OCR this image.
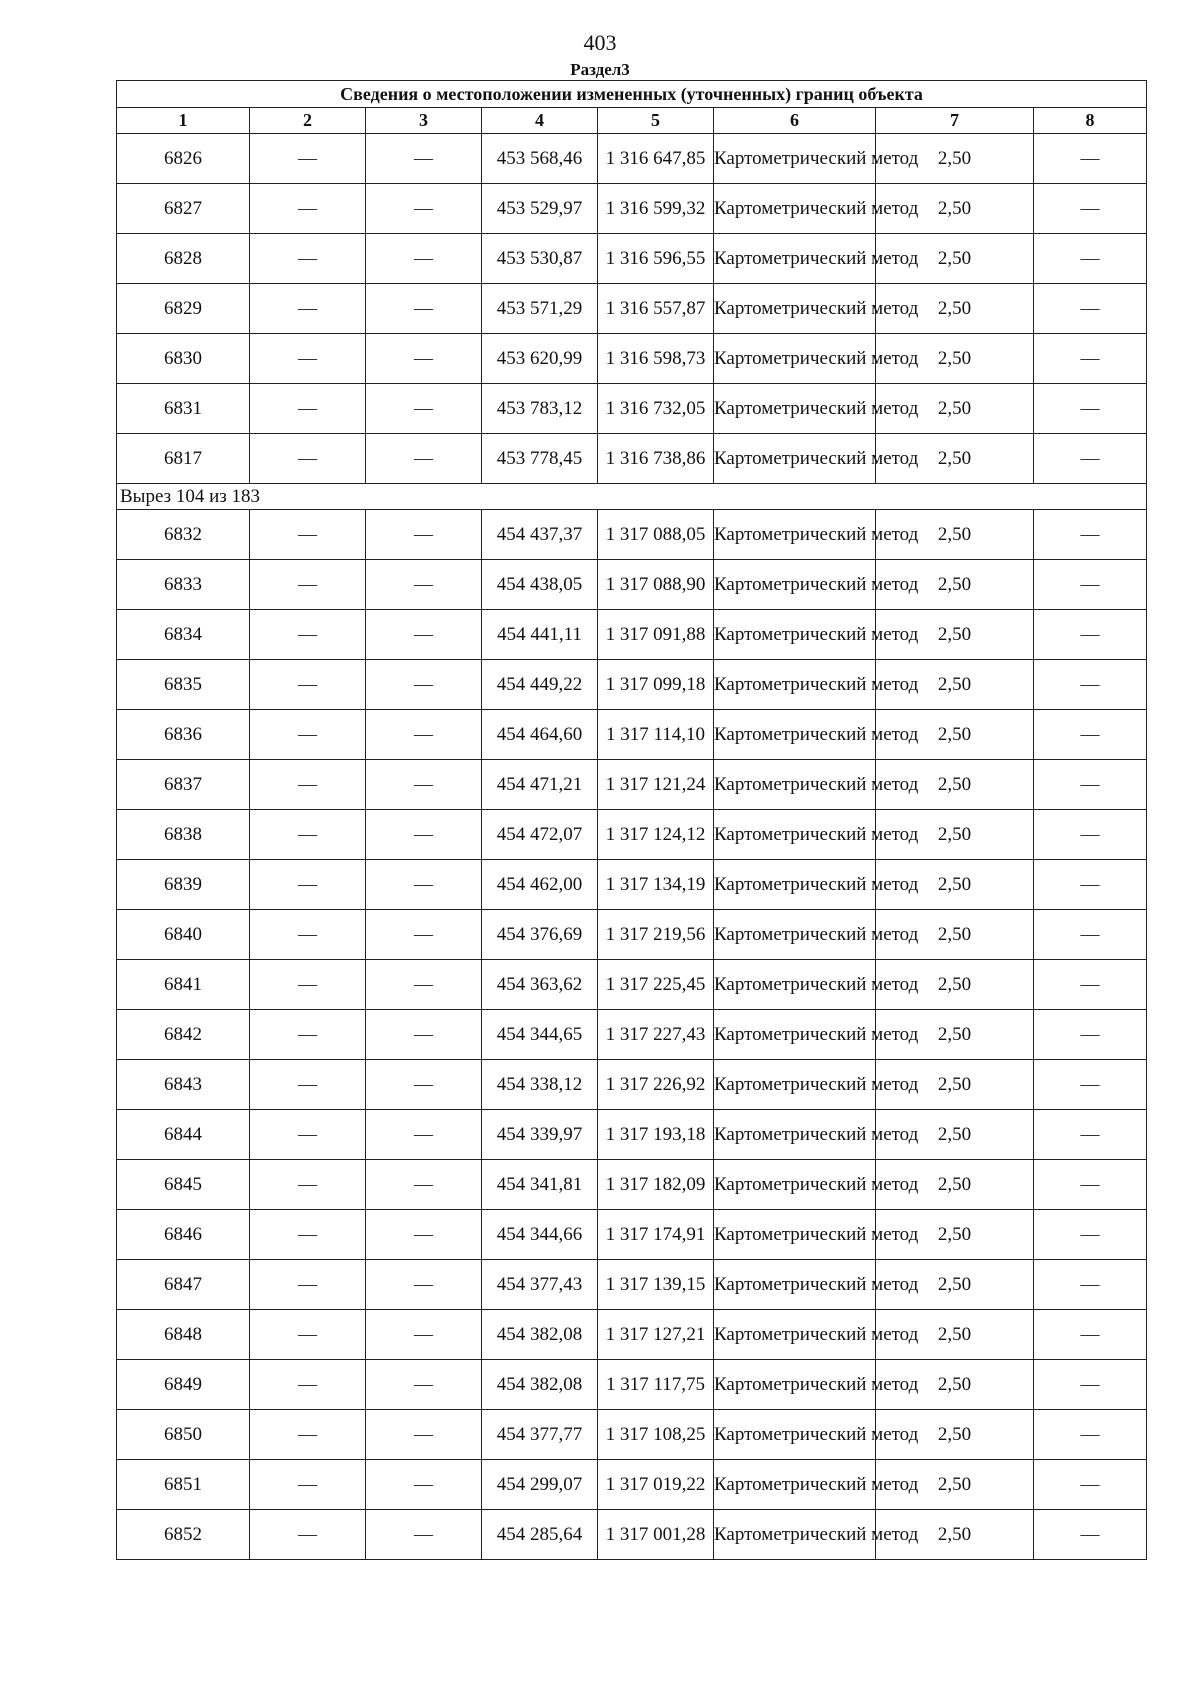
403
Раздел3
Сведения о местоположении измененных (уточненных) границ объекта							
1	2	3	4	5	6	7	8
6826	—	—	453 568,46	1 316 647,85	Картометрический метод	2,50	—
6827	—	—	453 529,97	1 316 599,32	Картометрический метод	2,50	—
6828	—	—	453 530,87	1 316 596,55	Картометрический метод	2,50	—
6829	—	—	453 571,29	1 316 557,87	Картометрический метод	2,50	—
6830	—	—	453 620,99	1 316 598,73	Картометрический метод	2,50	—
6831	—	—	453 783,12	1 316 732,05	Картометрический метод	2,50	—
6817	—	—	453 778,45	1 316 738,86	Картометрический метод	2,50	—
Вырез 104 из 183							
6832	—	—	454 437,37	1 317 088,05	Картометрический метод	2,50	—
6833	—	—	454 438,05	1 317 088,90	Картометрический метод	2,50	—
6834	—	—	454 441,11	1 317 091,88	Картометрический метод	2,50	—
6835	—	—	454 449,22	1 317 099,18	Картометрический метод	2,50	—
6836	—	—	454 464,60	1 317 114,10	Картометрический метод	2,50	—
6837	—	—	454 471,21	1 317 121,24	Картометрический метод	2,50	—
6838	—	—	454 472,07	1 317 124,12	Картометрический метод	2,50	—
6839	—	—	454 462,00	1 317 134,19	Картометрический метод	2,50	—
6840	—	—	454 376,69	1 317 219,56	Картометрический метод	2,50	—
6841	—	—	454 363,62	1 317 225,45	Картометрический метод	2,50	—
6842	—	—	454 344,65	1 317 227,43	Картометрический метод	2,50	—
6843	—	—	454 338,12	1 317 226,92	Картометрический метод	2,50	—
6844	—	—	454 339,97	1 317 193,18	Картометрический метод	2,50	—
6845	—	—	454 341,81	1 317 182,09	Картометрический метод	2,50	—
6846	—	—	454 344,66	1 317 174,91	Картометрический метод	2,50	—
6847	—	—	454 377,43	1 317 139,15	Картометрический метод	2,50	—
6848	—	—	454 382,08	1 317 127,21	Картометрический метод	2,50	—
6849	—	—	454 382,08	1 317 117,75	Картометрический метод	2,50	—
6850	—	—	454 377,77	1 317 108,25	Картометрический метод	2,50	—
6851	—	—	454 299,07	1 317 019,22	Картометрический метод	2,50	—
6852	—	—	454 285,64	1 317 001,28	Картометрический метод	2,50	—
